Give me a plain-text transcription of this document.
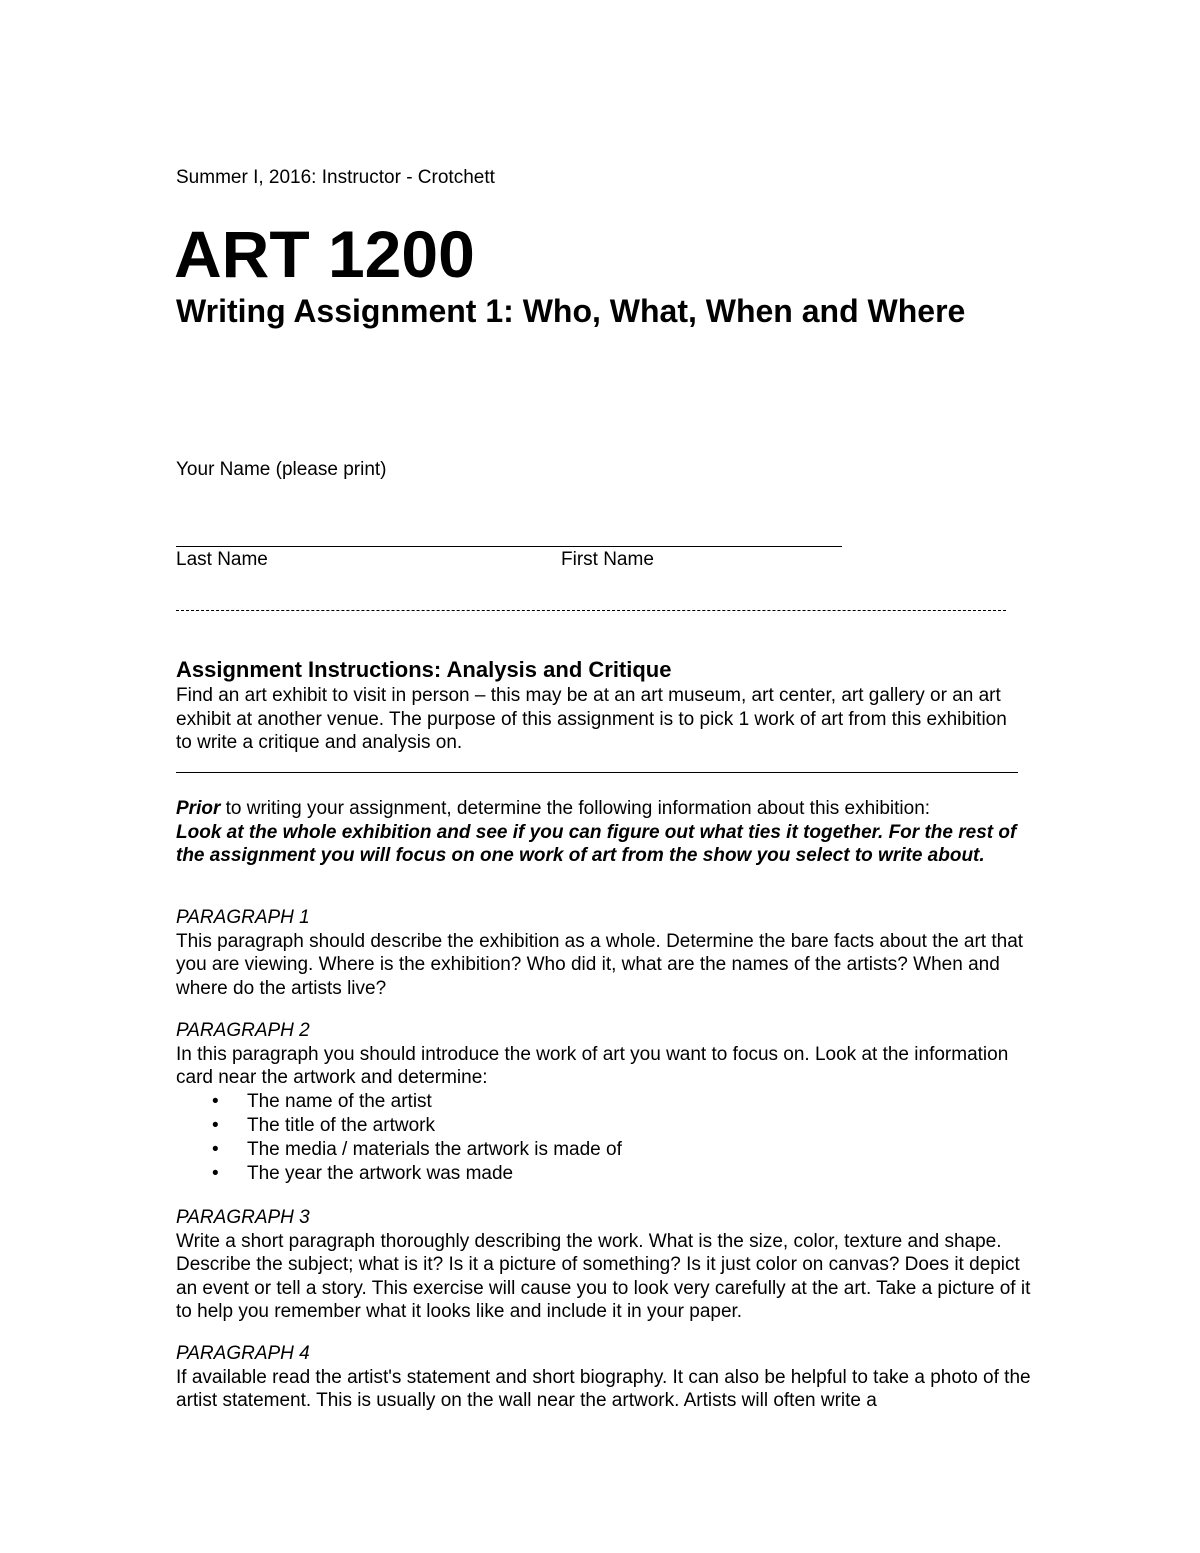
Summer I, 2016: Instructor - Crotchett
ART 1200
Writing Assignment 1: Who, What, When and Where
Your Name (please print)
Last Name	First Name
Assignment Instructions: Analysis and Critique

Find an art exhibit to visit in person – this may be at an art museum, art center, art gallery or an art exhibit at another venue. The purpose of this assignment is to pick 1 work of art from this exhibition to write a critique and analysis on.

Prior to writing your assignment, determine the following information about this exhibition:

Look at the whole exhibition and see if you can figure out what ties it together. For the rest of the assignment you will focus on one work of art from the show you select to write about.

PARAGRAPH 1

This paragraph should describe the exhibition as a whole. Determine the bare facts about the art that you are viewing. Where is the exhibition? Who did it, what are the names of the artists? When and where do the artists live?

PARAGRAPH 2

In this paragraph you should introduce the work of art you want to focus on. Look at the information card near the artwork and determine:

• The name of the artist
• The title of the artwork
• The media / materials the artwork is made of
• The year the artwork was made
PARAGRAPH 3

Write a short paragraph thoroughly describing the work. What is the size, color, texture and shape. Describe the subject; what is it? Is it a picture of something? Is it just color on canvas? Does it depict an event or tell a story. This exercise will cause you to look very carefully at the art. Take a picture of it to help you remember what it looks like and include it in your paper.

PARAGRAPH 4

If available read the artist's statement and short biography. It can also be helpful to take a photo of the artist statement. This is usually on the wall near the artwork. Artists will often write a
